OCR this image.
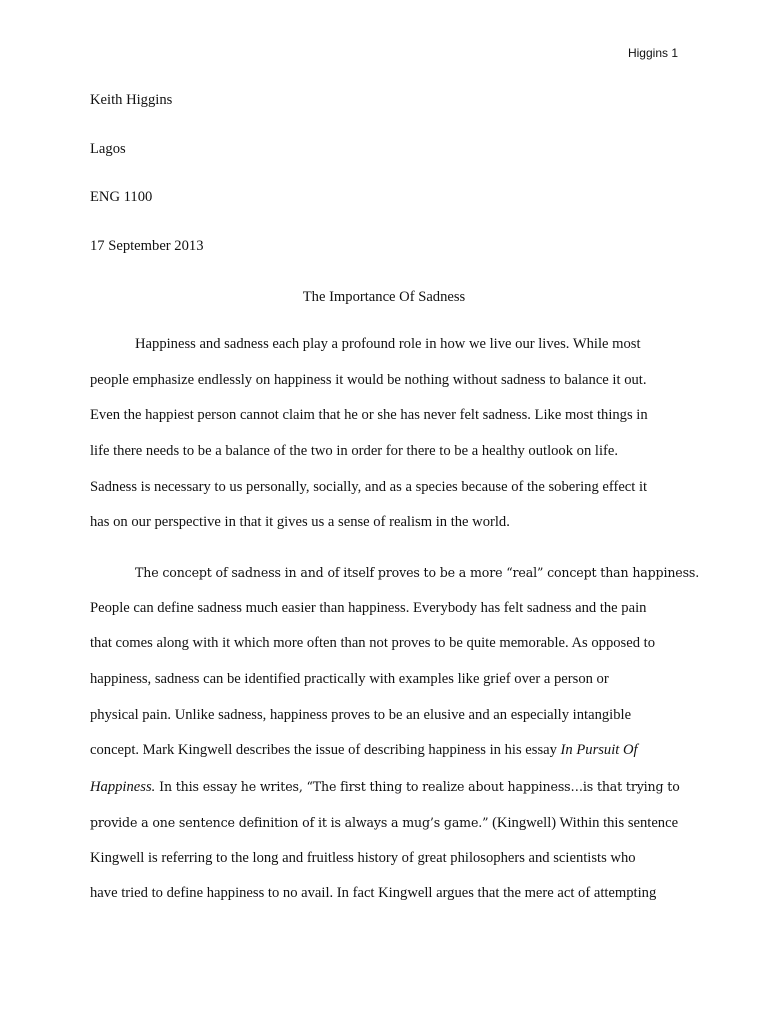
Higgins 1
Keith Higgins
Lagos
ENG 1100
17 September 2013
The Importance Of Sadness
Happiness and sadness each play a profound role in how we live our lives. While most
people emphasize endlessly on happiness it would be nothing without sadness to balance it out.
Even the happiest person cannot claim that he or she has never felt sadness. Like most things in
life there needs to be a balance of the two in order for there to be a healthy outlook on life.
Sadness is necessary to us personally, socially, and as a species because of the sobering effect it
has on our perspective in that it gives us a sense of realism in the world.
The concept of sadness in and of itself proves to be a more “real” concept than happiness.
People can define sadness much easier than happiness. Everybody has felt sadness and the pain
that comes along with it which more often than not proves to be quite memorable. As opposed to
happiness, sadness can be identified practically with examples like grief over a person or
physical pain. Unlike sadness, happiness proves to be an elusive and an especially intangible
concept. Mark Kingwell describes the issue of describing happiness in his essay In Pursuit Of
Happiness. In this essay he writes, “The first thing to realize about happiness…is that trying to
provide a one sentence definition of it is always a mug’s game.” (Kingwell) Within this sentence
Kingwell is referring to the long and fruitless history of great philosophers and scientists who
have tried to define happiness to no avail. In fact Kingwell argues that the mere act of attempting
